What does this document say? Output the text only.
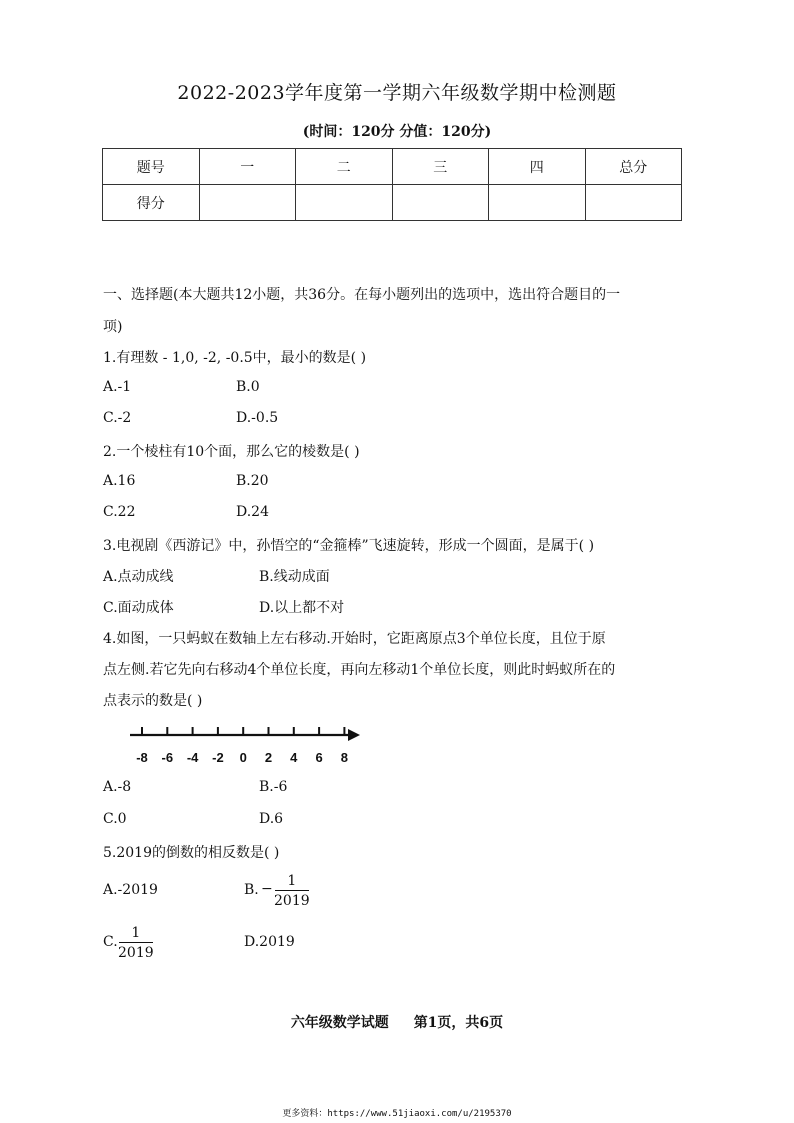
2022-2023学年度第一学期六年级数学期中检测题
(时间：120分 分值：120分)
题号	一	二	三	四	总分
得分					
一、选择题(本大题共12小题，共36分。在每小题列出的选项中，选出符合题目的一
项)
1.有理数 - 1,0, -2, -0.5中，最小的数是( )
A.-1	B.0
C.-2	D.-0.5
2.一个棱柱有10个面，那么它的棱数是( )
A.16	B.20
C.22	D.24
3.电视剧《西游记》中，孙悟空的“金箍棒”飞速旋转，形成一个圆面，是属于( )
A.点动成线	B.线动成面
C.面动成体	D.以上都不对
4.如图，一只蚂蚁在数轴上左右移动.开始时，它距离原点3个单位长度，且位于原
点左侧.若它先向右移动4个单位长度，再向左移动1个单位长度，则此时蚂蚁所在的
点表示的数是( )
-8 -6 -4 -2 0 2 4 6 8
A.-8	B.-6
C.0	D.6
5.2019的倒数的相反数是( )
A.-2019	B. − 1
2019
C.
1
2019
D.2019
六年级数学试题 第1页，共6页
更多资料：https://www.51jiaoxi.com/u/2195370
